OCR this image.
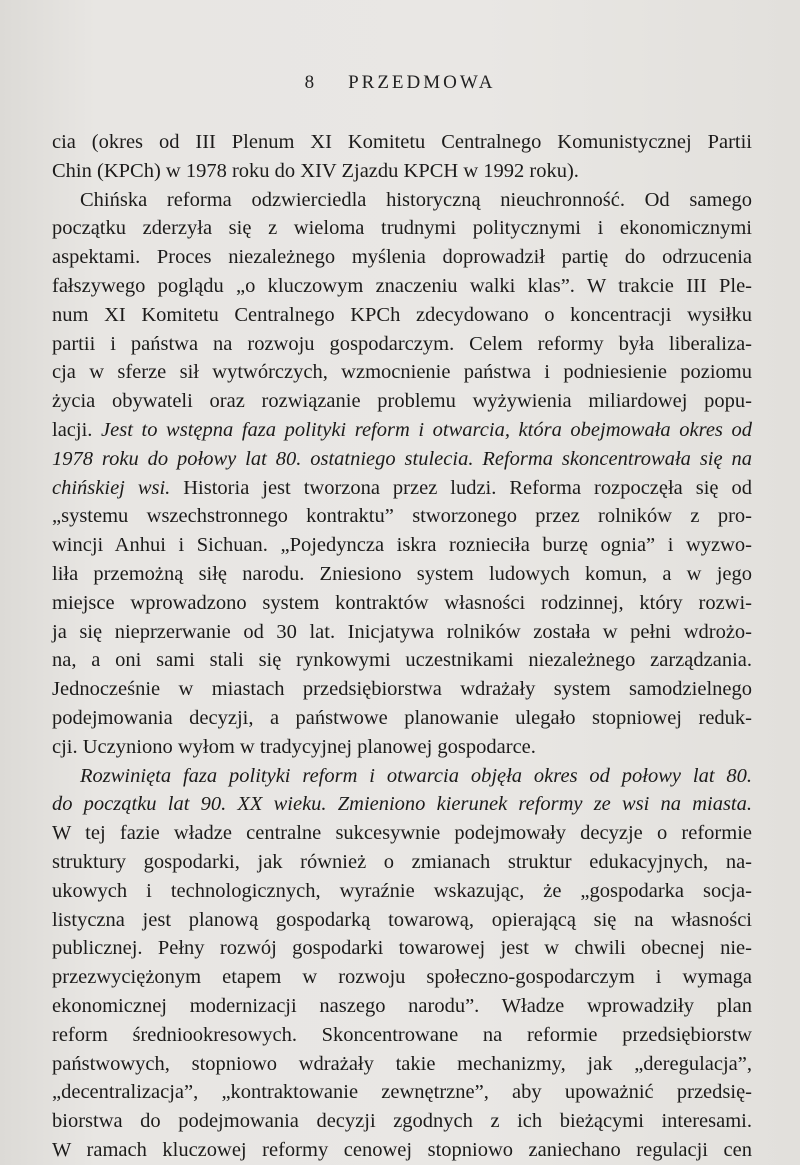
8 PRZEDMOWA
cia (okres od III Plenum XI Komitetu Centralnego Komunistycznej Partii
Chin (KPCh) w 1978 roku do XIV Zjazdu KPCH w 1992 roku).
Chińska reforma odzwierciedla historyczną nieuchronność. Od samego
początku zderzyła się z wieloma trudnymi politycznymi i ekonomicznymi
aspektami. Proces niezależnego myślenia doprowadził partię do odrzucenia
fałszywego poglądu „o kluczowym znaczeniu walki klas”. W trakcie III Ple-
num XI Komitetu Centralnego KPCh zdecydowano o koncentracji wysiłku
partii i państwa na rozwoju gospodarczym. Celem reformy była liberaliza-
cja w sferze sił wytwórczych, wzmocnienie państwa i podniesienie poziomu
życia obywateli oraz rozwiązanie problemu wyżywienia miliardowej popu-
lacji. Jest to wstępna faza polityki reform i otwarcia, która obejmowała okres od
1978 roku do połowy lat 80. ostatniego stulecia. Reforma skoncentrowała się na
chińskiej wsi. Historia jest tworzona przez ludzi. Reforma rozpoczęła się od
„systemu wszechstronnego kontraktu” stworzonego przez rolników z pro-
wincji Anhui i Sichuan. „Pojedyncza iskra roznieciła burzę ognia” i wyzwo-
liła przemożną siłę narodu. Zniesiono system ludowych komun, a w jego
miejsce wprowadzono system kontraktów własności rodzinnej, który rozwi-
ja się nieprzerwanie od 30 lat. Inicjatywa rolników została w pełni wdrożo-
na, a oni sami stali się rynkowymi uczestnikami niezależnego zarządzania.
Jednocześnie w miastach przedsiębiorstwa wdrażały system samodzielnego
podejmowania decyzji, a państwowe planowanie ulegało stopniowej reduk-
cji. Uczyniono wyłom w tradycyjnej planowej gospodarce.
Rozwinięta faza polityki reform i otwarcia objęła okres od połowy lat 80.
do początku lat 90. XX wieku. Zmieniono kierunek reformy ze wsi na miasta.
W tej fazie władze centralne sukcesywnie podejmowały decyzje o reformie
struktury gospodarki, jak również o zmianach struktur edukacyjnych, na-
ukowych i technologicznych, wyraźnie wskazując, że „gospodarka socja-
listyczna jest planową gospodarką towarową, opierającą się na własności
publicznej. Pełny rozwój gospodarki towarowej jest w chwili obecnej nie-
przezwyciężonym etapem w rozwoju społeczno-gospodarczym i wymaga
ekonomicznej modernizacji naszego narodu”. Władze wprowadziły plan
reform średniookresowych. Skoncentrowane na reformie przedsiębiorstw
państwowych, stopniowo wdrażały takie mechanizmy, jak „deregulacja”,
„decentralizacja”, „kontraktowanie zewnętrzne”, aby upoważnić przedsię-
biorstwa do podejmowania decyzji zgodnych z ich bieżącymi interesami.
W ramach kluczowej reformy cenowej stopniowo zaniechano regulacji cen
